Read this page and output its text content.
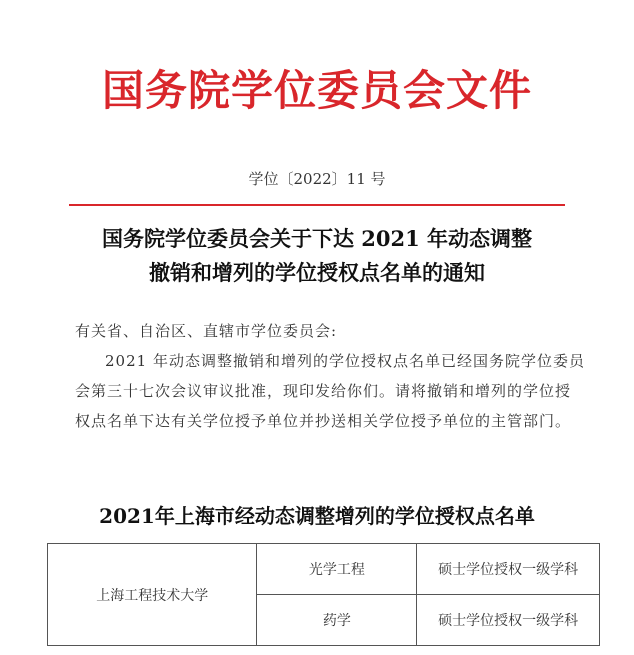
国务院学位委员会文件
学位〔2022〕11 号
国务院学位委员会关于下达 2021 年动态调整
撤销和增列的学位授权点名单的通知

有关省、自治区、直辖市学位委员会:

2021 年动态调整撤销和增列的学位授权点名单已经国务院学位委员会第三十七次会议审议批准，现印发给你们。请将撤销和增列的学位授权点名单下达有关学位授予单位并抄送相关学位授予单位的主管部门。

2021年上海市经动态调整增列的学位授权点名单
上海工程技术大学	光学工程	硕士学位授权一级学科
	药学	硕士学位授权一级学科
